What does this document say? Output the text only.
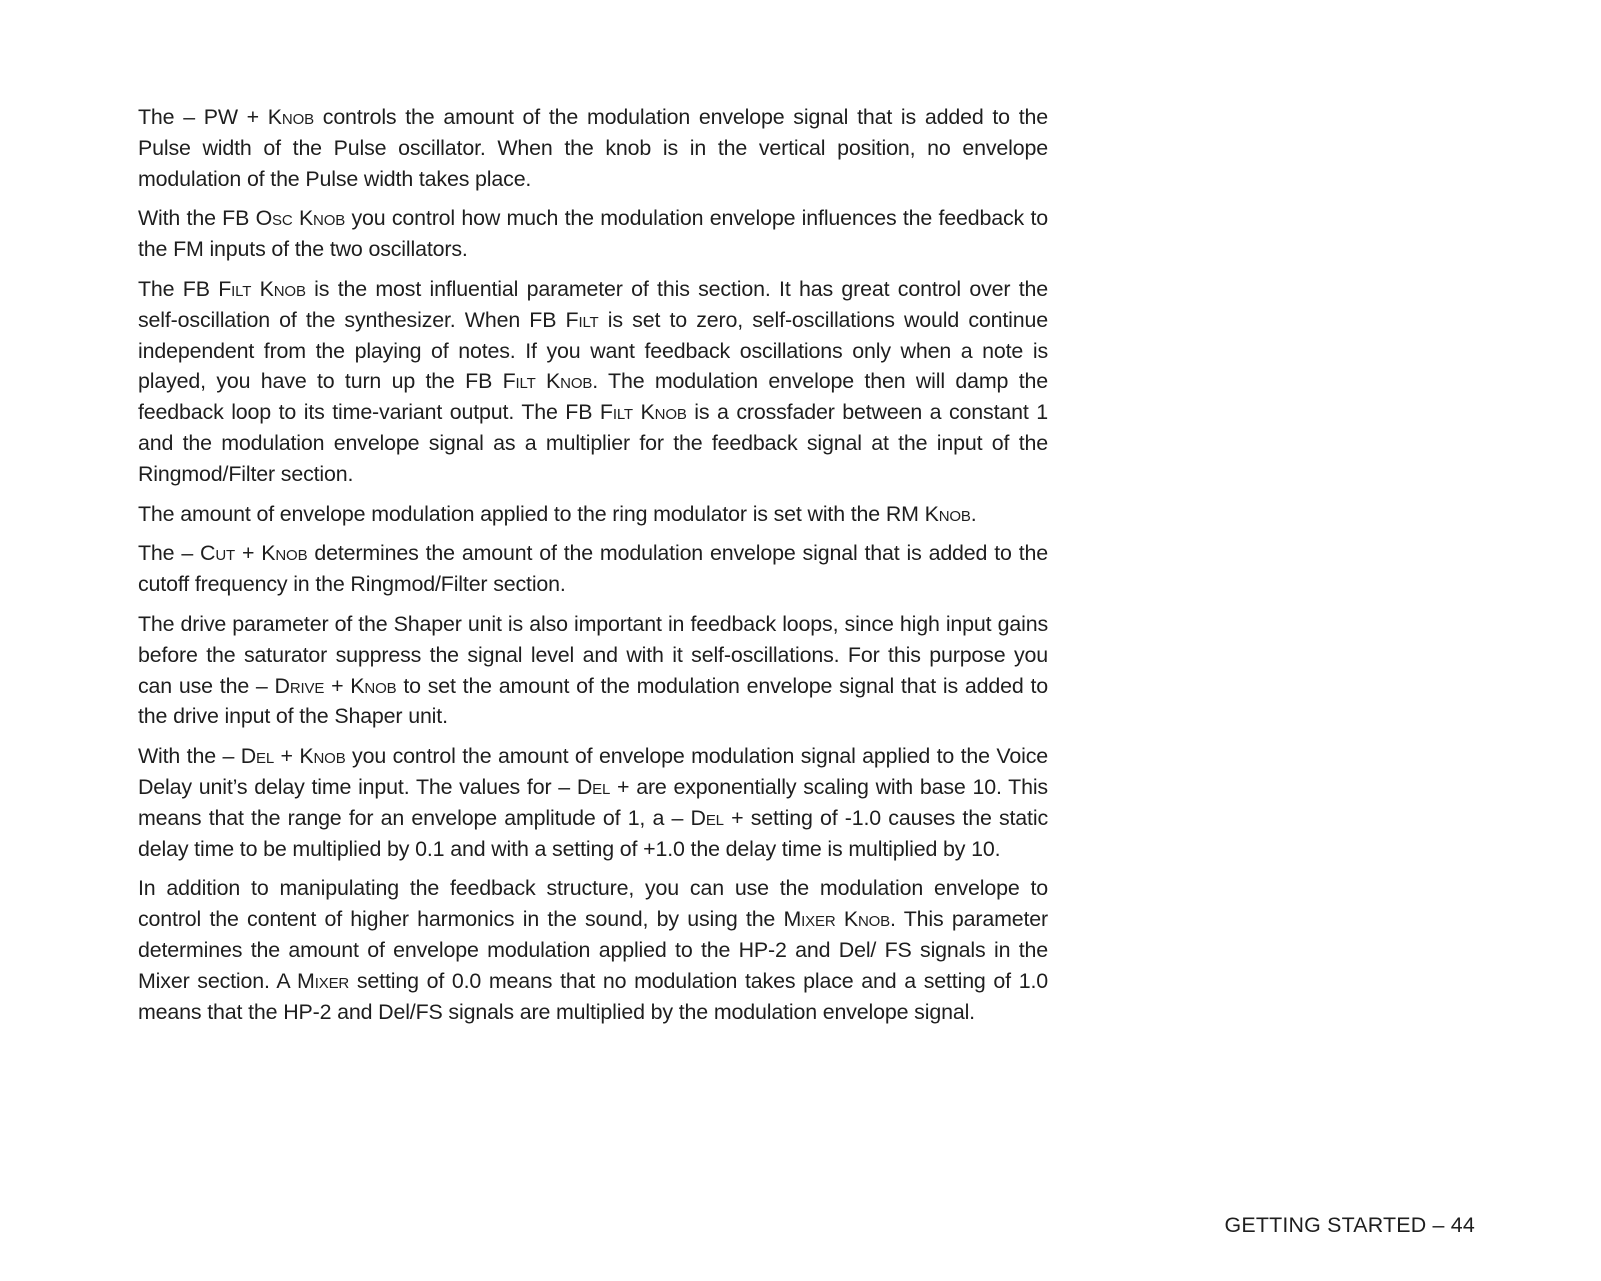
The – PW + Knob controls the amount of the modulation envelope signal that is added to the Pulse width of the Pulse oscillator. When the knob is in the vertical position, no envelope modulation of the Pulse width takes place.

With the FB Osc Knob you control how much the modulation envelope influences the feedback to the FM inputs of the two oscillators.

The FB Filt Knob is the most influential parameter of this section. It has great control over the self-oscillation of the synthesizer. When FB Filt is set to zero, self-oscillations would continue independent from the playing of notes. If you want feedback oscillations only when a note is played, you have to turn up the FB Filt Knob. The modulation envelope then will damp the feedback loop to its time-variant output. The FB Filt Knob is a crossfader between a constant 1 and the modulation envelope signal as a multiplier for the feedback signal at the input of the Ringmod/Filter section.

The amount of envelope modulation applied to the ring modulator is set with the RM Knob.

The – Cut + Knob determines the amount of the modulation envelope signal that is added to the cutoff frequency in the Ringmod/Filter section.

The drive parameter of the Shaper unit is also important in feedback loops, since high input gains before the saturator suppress the signal level and with it self-oscillations. For this purpose you can use the – Drive + Knob to set the amount of the modulation envelope signal that is added to the drive input of the Shaper unit.

With the – Del + Knob you control the amount of envelope modulation signal applied to the Voice Delay unit’s delay time input. The values for – Del + are exponentially scaling with base 10. This means that the range for an envelope amplitude of 1, a – Del + setting of -1.0 causes the static delay time to be multiplied by 0.1 and with a setting of +1.0 the delay time is multiplied by 10.

In addition to manipulating the feedback structure, you can use the modulation envelope to control the content of higher harmonics in the sound, by using the Mixer Knob. This parameter determines the amount of envelope modulation applied to the HP-2 and Del/ FS signals in the Mixer section. A Mixer setting of 0.0 means that no modulation takes place and a setting of 1.0 means that the HP-2 and Del/FS signals are multiplied by the modulation envelope signal.

GETTING STARTED – 44
